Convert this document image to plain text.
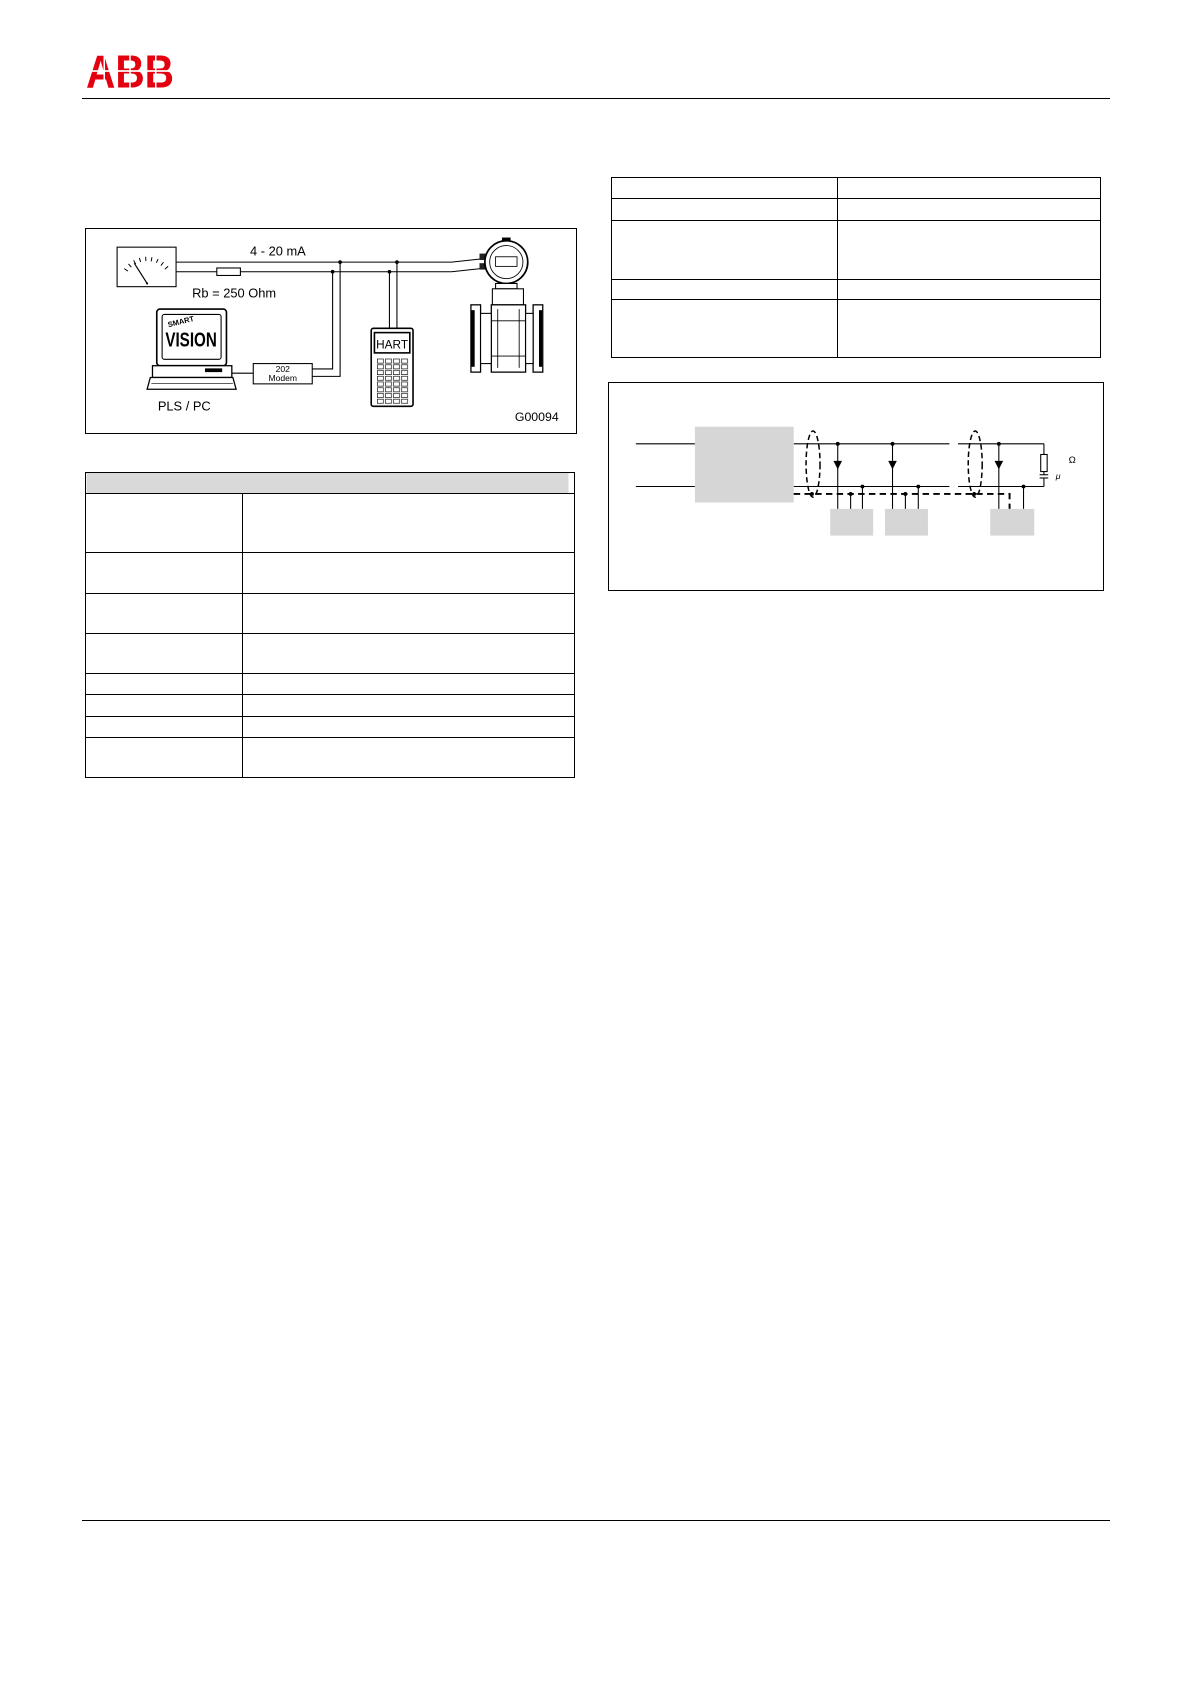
4 - 20 mA
Rb = 250 Ohm
SMART
VISION
PLS / PC
202
Modem
HART
G00094

Ω
μ
